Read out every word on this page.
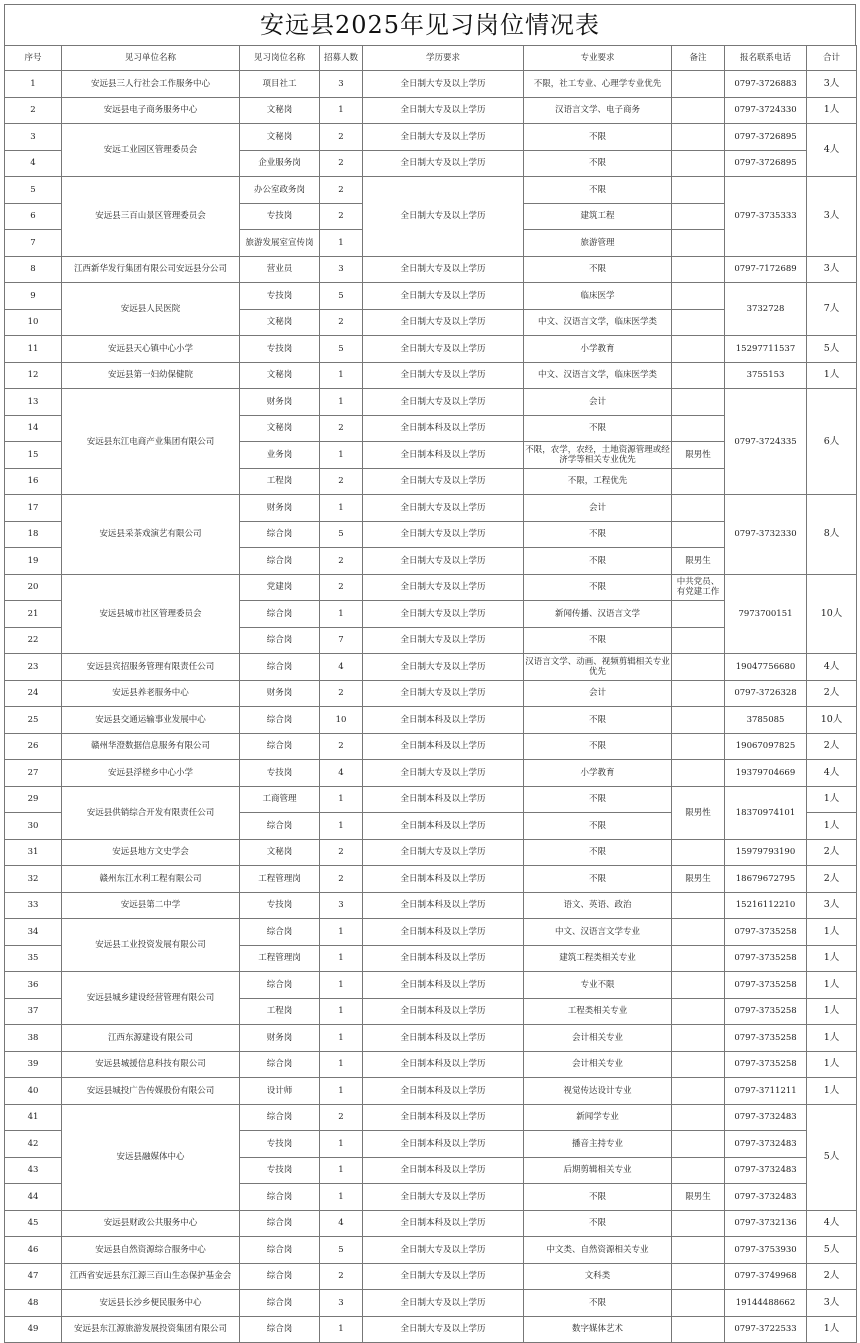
安远县2025年见习岗位情况表
序号	见习单位名称	见习岗位名称	招募人数	学历要求	专业要求	备注	报名联系电话	合计
1	安远县三人行社会工作服务中心	项目社工	3	全日制大专及以上学历	不限，社工专业、心理学专业优先		0797-3726883	3人
2	安远县电子商务服务中心	文秘岗	1	全日制大专及以上学历	汉语言文学、电子商务		0797-3724330	1人
3	安远工业园区管理委员会	文秘岗	2	全日制大专及以上学历	不限		0797-3726895	4人
4		企业服务岗	2	全日制大专及以上学历	不限		0797-3726895	
5	安远县三百山景区管理委员会	办公室政务岗	2	全日制大专及以上学历	不限		0797-3735333	3人
6		专技岗	2		建筑工程			
7		旅游发展室宣传岗	1		旅游管理			
8	江西新华发行集团有限公司安远县分公司	营业员	3	全日制大专及以上学历	不限		0797-7172689	3人
9	安远县人民医院	专技岗	5	全日制大专及以上学历	临床医学		3732728	7人
10		文秘岗	2	全日制大专及以上学历	中文、汉语言文学，临床医学类			
11	安远县天心镇中心小学	专技岗	5	全日制大专及以上学历	小学教育		15297711537	5人
12	安远县第一妇幼保健院	文秘岗	1	全日制大专及以上学历	中文、汉语言文学，临床医学类		3755153	1人
13	安远县东江电商产业集团有限公司	财务岗	1	全日制大专及以上学历	会计		0797-3724335	6人
14		文秘岗	2	全日制本科及以上学历	不限			
15		业务岗	1	全日制本科及以上学历	不限，农学，农经，土地资源管理或经济学等相关专业优先	限男性		
16		工程岗	2	全日制大专及以上学历	不限，工程优先			
17	安远县采茶戏演艺有限公司	财务岗	1	全日制大专及以上学历	会计		0797-3732330	8人
18		综合岗	5	全日制大专及以上学历	不限			
19		综合岗	2	全日制大专及以上学历	不限	限男生		
20	安远县城市社区管理委员会	党建岗	2	全日制大专及以上学历	不限	中共党员、有党建工作	7973700151	10人
21		综合岗	1	全日制大专及以上学历	新闻传播、汉语言文学			
22		综合岗	7	全日制大专及以上学历	不限			
23	安远县宾招服务管理有限责任公司	综合岗	4	全日制大专及以上学历	汉语言文学、动画、视频剪辑相关专业优先		19047756680	4人
24	安远县养老服务中心	财务岗	2	全日制大专及以上学历	会计		0797-3726328	2人
25	安远县交通运输事业发展中心	综合岗	10	全日制本科及以上学历	不限		3785085	10人
26	赣州华澄数据信息服务有限公司	综合岗	2	全日制本科及以上学历	不限		19067097825	2人
27	安远县浮槎乡中心小学	专技岗	4	全日制大专及以上学历	小学教育		19379704669	4人
29	安远县供销综合开发有限责任公司	工商管理	1	全日制本科及以上学历	不限	限男性	18370974101	1人
30		综合岗	1	全日制本科及以上学历	不限			1人
31	安远县地方文史学会	文秘岗	2	全日制大专及以上学历	不限		15979793190	2人
32	赣州东江水利工程有限公司	工程管理岗	2	全日制本科及以上学历	不限	限男生	18679672795	2人
33	安远县第二中学	专技岗	3	全日制本科及以上学历	语文、英语、政治		15216112210	3人
34	安远县工业投资发展有限公司	综合岗	1	全日制本科及以上学历	中文、汉语言文学专业		0797-3735258	1人
35		工程管理岗	1	全日制本科及以上学历	建筑工程类相关专业		0797-3735258	1人
36	安远县城乡建设经营管理有限公司	综合岗	1	全日制本科及以上学历	专业不限		0797-3735258	1人
37		工程岗	1	全日制本科及以上学历	工程类相关专业		0797-3735258	1人
38	江西东源建设有限公司	财务岗	1	全日制本科及以上学历	会计相关专业		0797-3735258	1人
39	安远县城援信息科技有限公司	综合岗	1	全日制本科及以上学历	会计相关专业		0797-3735258	1人
40	安远县城投广告传媒股份有限公司	设计师	1	全日制本科及以上学历	视觉传达设计专业		0797-3711211	1人
41	安远县融媒体中心	综合岗	2	全日制本科及以上学历	新闻学专业		0797-3732483	5人
42		专技岗	1	全日制本科及以上学历	播音主持专业		0797-3732483	
43		专技岗	1	全日制本科及以上学历	后期剪辑相关专业		0797-3732483	
44		综合岗	1	全日制大专及以上学历	不限	限男生	0797-3732483	
45	安远县财政公共服务中心	综合岗	4	全日制本科及以上学历	不限		0797-3732136	4人
46	安远县自然资源综合服务中心	综合岗	5	全日制大专及以上学历	中文类、自然资源相关专业		0797-3753930	5人
47	江西省安远县东江源三百山生态保护基金会	综合岗	2	全日制大专及以上学历	文科类		0797-3749968	2人
48	安远县长沙乡便民服务中心	综合岗	3	全日制大专及以上学历	不限		19144488662	3人
49	安远县东江源旅游发展投资集团有限公司	综合岗	1	全日制大专及以上学历	数字媒体艺术		0797-3722533	1人
